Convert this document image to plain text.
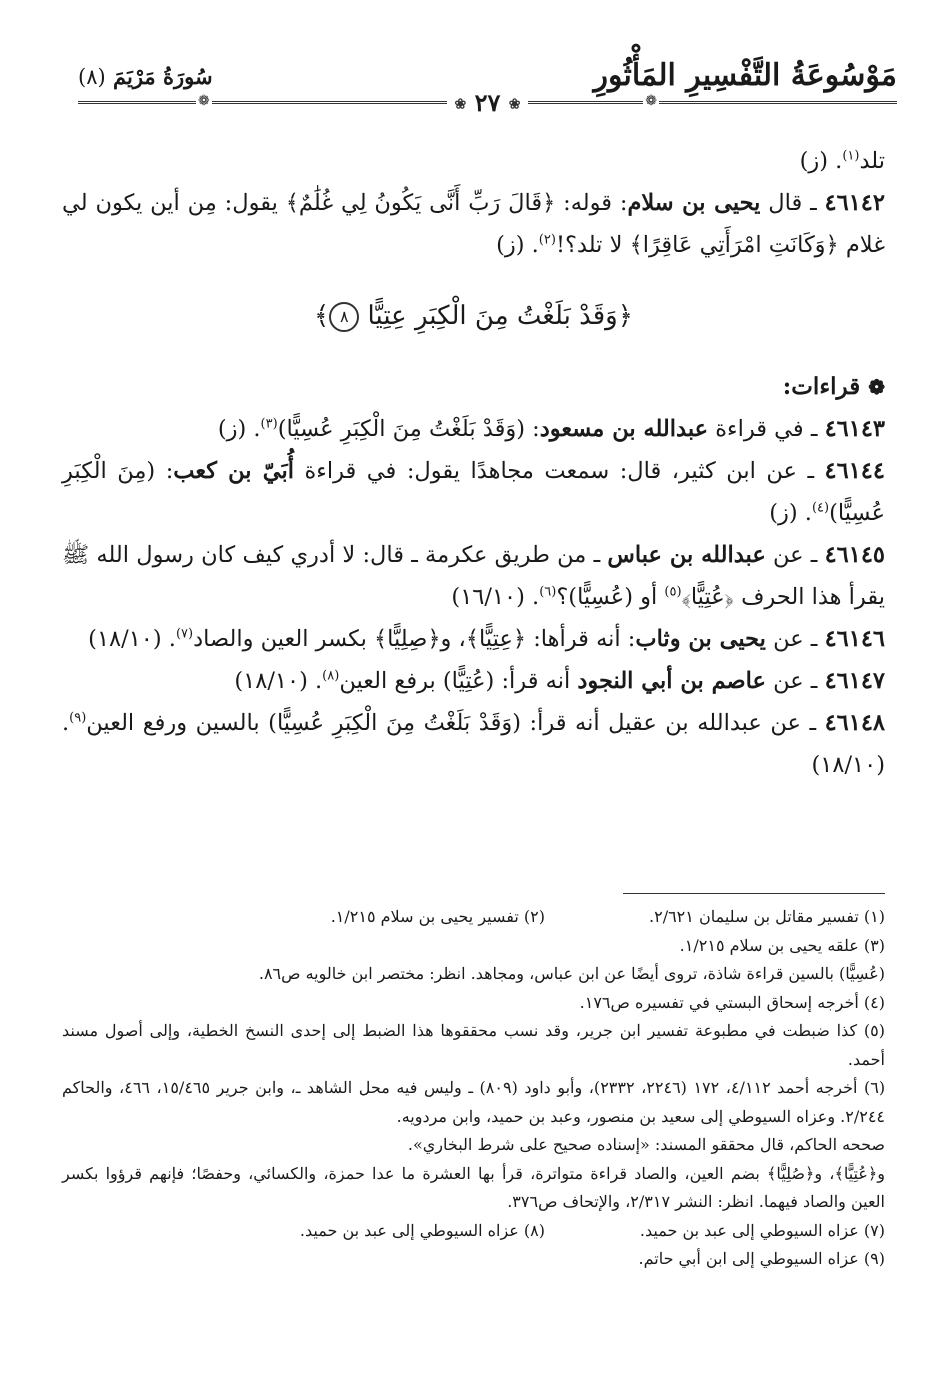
مَوْسُوعَةُ التَّفْسِيرِ المَأْثُورِ
سُورَةُ مَرْيَمَ (٨)
❁
❁	❀ ٢٧ ❀

تلد$^{(١)}$. (ز)

٤٦١٤٢ ـ قال يحيى بن سلام: قوله: ﴿قَالَ رَبِّ أَنَّى يَكُونُ لِي غُلَٰمٌ﴾ يقول: مِن أين يكون لي غلام ﴿وَكَانَتِ امْرَأَتِي عَاقِرًا﴾ لا تلد؟!$^{(٢)}$. (ز)

﴿وَقَدْ بَلَغْتُ مِنَ الْكِبَرِ عِتِيًّا ٨﴾

❁ قراءات:

٤٦١٤٣ ـ في قراءة عبدالله بن مسعود: (وَقَدْ بَلَغْتُ مِنَ الْكِبَرِ عُسِيًّا)$^{(٣)}$. (ز)

٤٦١٤٤ ـ عن ابن كثير، قال: سمعت مجاهدًا يقول: في قراءة أُبَيّ بن كعب: (مِنَ الْكِبَرِ عُسِيًّا)$^{(٤)}$. (ز)

٤٦١٤٥ ـ عن عبدالله بن عباس ـ من طريق عكرمة ـ قال: لا أدري كيف كان رسول الله ﷺ يقرأ هذا الحرف ﴿عُتِيًّا﴾$^{(٥)}$ أو (عُسِيًّا)؟$^{(٦)}$. (١٦/١٠)

٤٦١٤٦ ـ عن يحيى بن وثاب: أنه قرأها: ﴿عِتِيًّا﴾، و﴿صِلِيًّا﴾ بكسر العين والصاد$^{(٧)}$. (١٨/١٠)

٤٦١٤٧ ـ عن عاصم بن أبي النجود أنه قرأ: (عُتِيًّا) برفع العين$^{(٨)}$. (١٨/١٠)

٤٦١٤٨ ـ عن عبدالله بن عقيل أنه قرأ: (وَقَدْ بَلَغْتُ مِنَ الْكِبَرِ عُسِيًّا) بالسين ورفع العين$^{(٩)}$. (١٨/١٠)

(١) تفسير مقاتل بن سليمان ٢/٦٢١.
(٢) تفسير يحيى بن سلام ١/٢١٥.

(٣) علقه يحيى بن سلام ١/٢١٥.

(عُسِيًّا) بالسين قراءة شاذة، تروى أيضًا عن ابن عباس، ومجاهد. انظر: مختصر ابن خالويه ص٨٦.

(٤) أخرجه إسحاق البستي في تفسيره ص١٧٦.

(٥) كذا ضبطت في مطبوعة تفسير ابن جرير، وقد نسب محققوها هذا الضبط إلى إحدى النسخ الخطية، وإلى أصول مسند أحمد.

(٦) أخرجه أحمد ٤/١١٢، ١٧٢ (٢٢٤٦، ٢٣٣٢)، وأبو داود (٨٠٩) ـ وليس فيه محل الشاهد ـ، وابن جرير ١٥/٤٦٥، ٤٦٦، والحاكم ٢/٢٤٤. وعزاه السيوطي إلى سعيد بن منصور، وعبد بن حميد، وابن مردويه.

صححه الحاكم، قال محققو المسند: «إسناده صحيح على شرط البخاري».

و﴿عُتِيًّا﴾، و﴿صُلِيًّا﴾ بضم العين، والصاد قراءة متواترة، قرأ بها العشرة ما عدا حمزة، والكسائي، وحفصًا؛ فإنهم قرؤوا بكسر العين والصاد فيهما. انظر: النشر ٢/٣١٧، والإتحاف ص٣٧٦.

(٧) عزاه السيوطي إلى عبد بن حميد.
(٨) عزاه السيوطي إلى عبد بن حميد.

(٩) عزاه السيوطي إلى ابن أبي حاتم.
